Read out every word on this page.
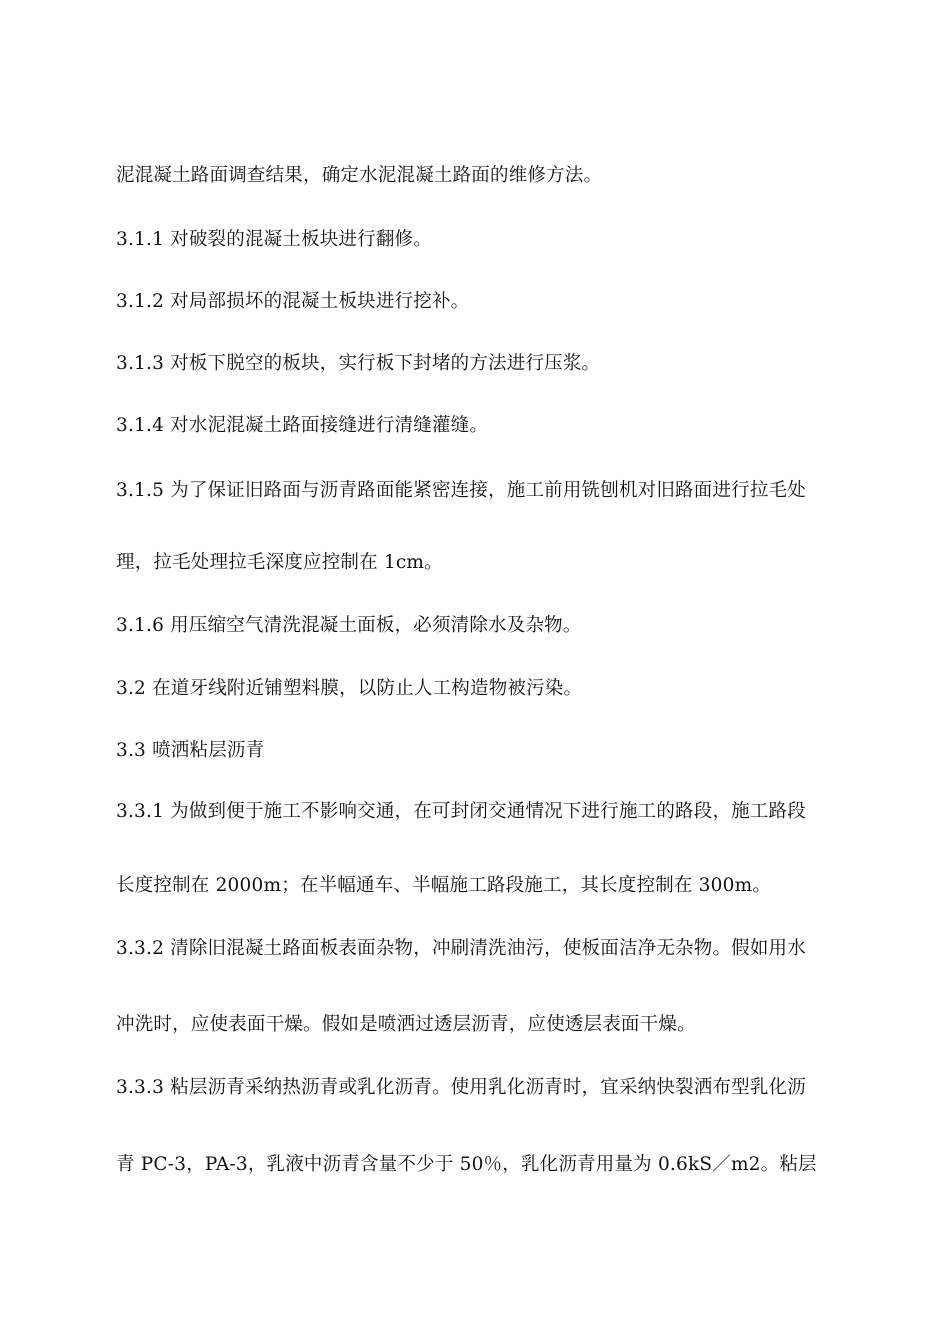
泥混凝土路面调查结果，确定水泥混凝土路面的维修方法。
3.1.1 对破裂的混凝土板块进行翻修。
3.1.2 对局部损坏的混凝土板块进行挖补。
3.1.3 对板下脱空的板块，实行板下封堵的方法进行压浆。
3.1.4 对水泥混凝土路面接缝进行清缝灌缝。
3.1.5 为了保证旧路面与沥青路面能紧密连接，施工前用铣刨机对旧路面进行拉毛处
理，拉毛处理拉毛深度应控制在 1cm。
3.1.6 用压缩空气清洗混凝土面板，必须清除水及杂物。
3.2 在道牙线附近铺塑料膜，以防止人工构造物被污染。
3.3 喷洒粘层沥青
3.3.1 为做到便于施工不影响交通，在可封闭交通情况下进行施工的路段，施工路段
长度控制在 2000m；在半幅通车、半幅施工路段施工，其长度控制在 300m。
3.3.2 清除旧混凝土路面板表面杂物，冲刷清洗油污，使板面洁净无杂物。假如用水
冲洗时，应使表面干燥。假如是喷洒过透层沥青，应使透层表面干燥。
3.3.3 粘层沥青采纳热沥青或乳化沥青。使用乳化沥青时，宜采纳快裂洒布型乳化沥
青 PC-3，PA-3，乳液中沥青含量不少于 50％，乳化沥青用量为 0.6kS／m2。粘层
